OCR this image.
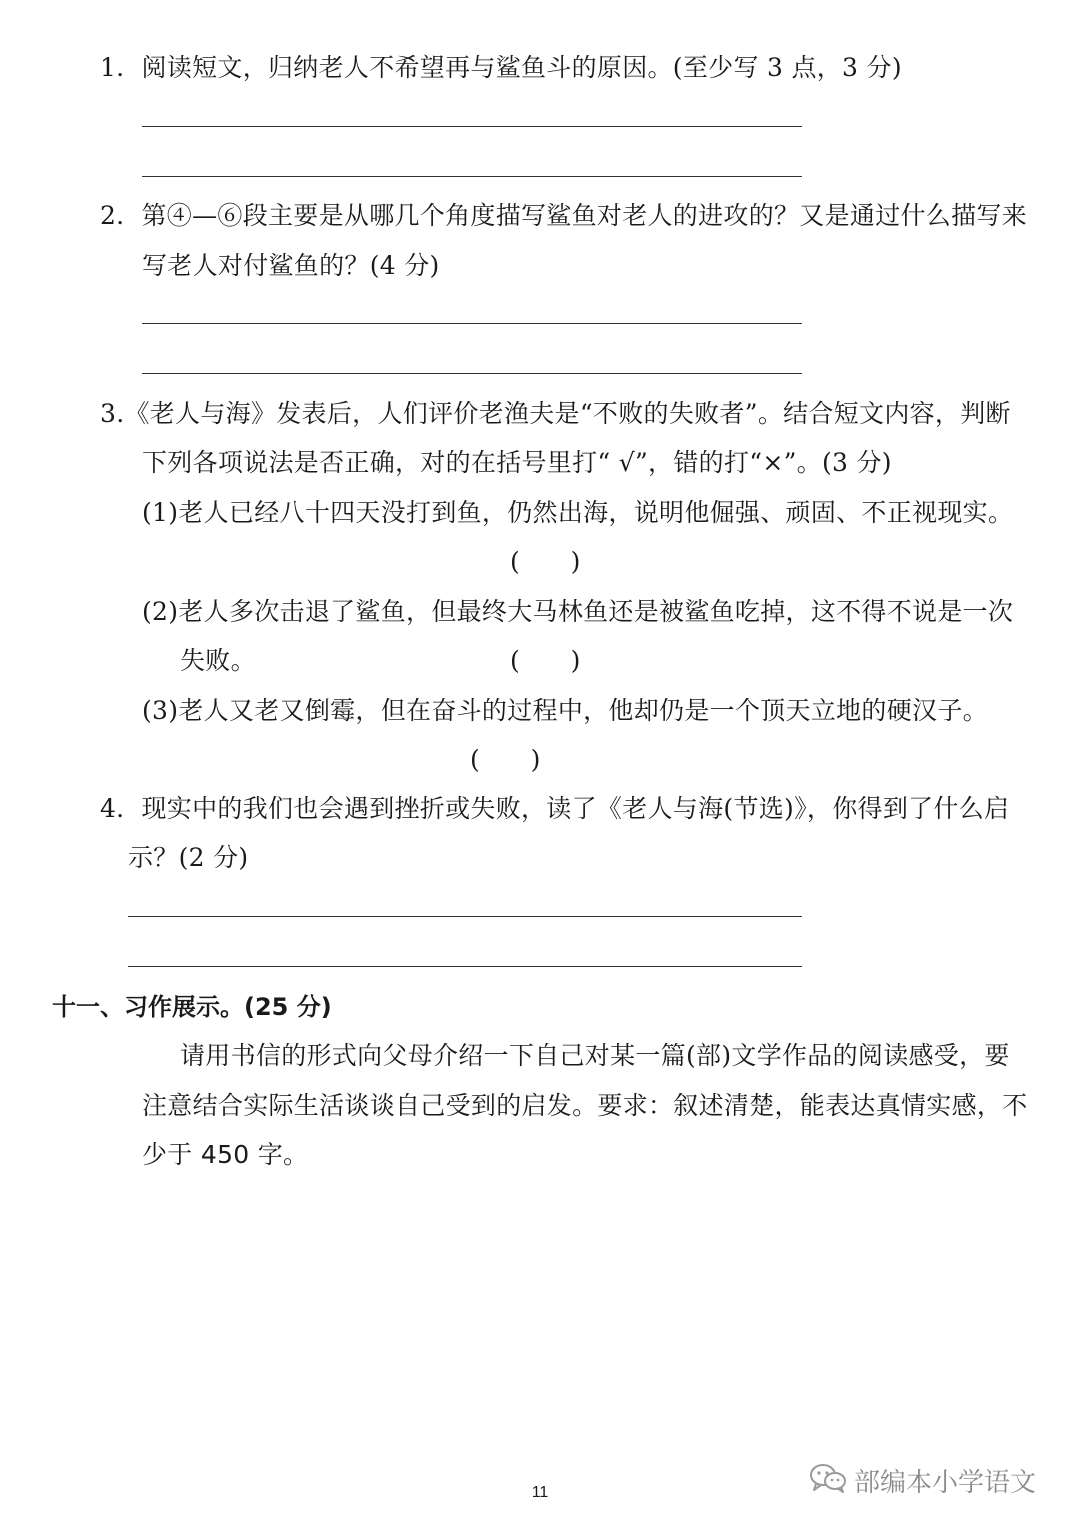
1．阅读短文，归纳老人不希望再与鲨鱼斗的原因。(至少写 3 点，3 分)
2．第④—⑥段主要是从哪几个角度描写鲨鱼对老人的进攻的？又是通过什么描写来
写老人对付鲨鱼的？(4 分)
3.《老人与海》发表后，人们评价老渔夫是“不败的失败者”。结合短文内容，判断
下列各项说法是否正确，对的在括号里打“ √”，错的打“×”。(3 分)
(1)老人已经八十四天没打到鱼，仍然出海，说明他倔强、顽固、不正视现实。
(　　)
(2)老人多次击退了鲨鱼，但最终大马林鱼还是被鲨鱼吃掉，这不得不说是一次
失败。	(　　)
(3)老人又老又倒霉，但在奋斗的过程中，他却仍是一个顶天立地的硬汉子。
(　　)
4．现实中的我们也会遇到挫折或失败，读了《老人与海(节选)》，你得到了什么启
示？(2 分)
十一、习作展示。(25 分)
请用书信的形式向父母介绍一下自己对某一篇(部)文学作品的阅读感受，要
注意结合实际生活谈谈自己受到的启发。要求：叙述清楚，能表达真情实感，不
少于 450 字。
11	部编本小学语文
